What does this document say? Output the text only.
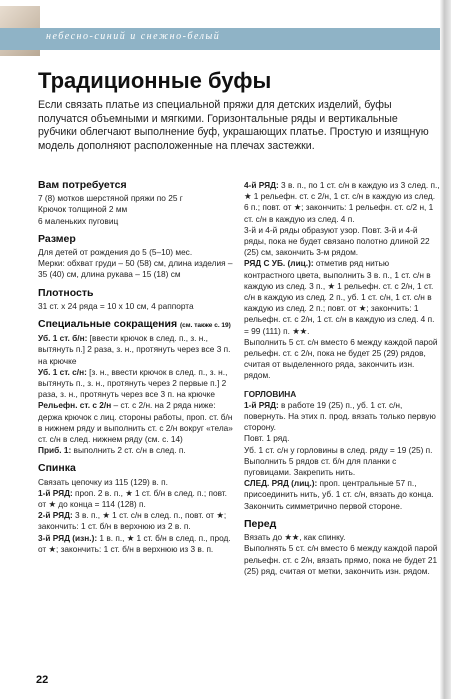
небесно-синий и снежно-белый
Традиционные буфы
Если связать платье из специальной пряжи для детских изделий, буфы получатся объемными и мягкими. Горизонтальные ряды и вертикальные рубчики облегчают выполнение буф, украшающих платье. Простую и изящную модель дополняют расположенные на плечах застежки.
Вам потребуется

7 (8) мотков шерстяной пряжи по 25 г

Крючок толщиной 2 мм

6 маленьких пуговиц

Размер

Для детей от рождения до 5 (5–10) мес.

Мерки: обхват груди – 50 (58) см, длина изделия – 35 (40) см, длина рукава – 15 (18) см

Плотность

31 ст. х 24 ряда = 10 х 10 см, 4 раппорта

Специальные сокращения (см. также с. 19)

Уб. 1 ст. б/н: [ввести крючок в след. п., з. н., вытянуть п.] 2 раза, з. н., протянуть через все 3 п. на крючке

Уб. 1 ст. с/н: [з. н., ввести крючок в след. п., з. н., вытянуть п., з. н., протянуть через 2 первые п.] 2 раза, з. н., протянуть через все 3 п. на крючке

Рельефн. ст. с 2/н – ст. с 2/н. на 2 ряда ниже: держа крючок с лиц. стороны работы, проп. ст. б/н в нижнем ряду и выполнить ст. с 2/н вокруг «тела» ст. с/н в след. нижнем ряду (см. с. 14)

Приб. 1: выполнить 2 ст. с/н в след. п.

Спинка

Связать цепочку из 115 (129) в. п.

1-й РЯД: проп. 2 в. п., ★ 1 ст. б/н в след. п.; повт. от ★ до конца = 114 (128) п.

2-й РЯД: 3 в. п., ★ 1 ст. с/н в след. п., повт. от ★; закончить: 1 ст. б/н в верхнюю из 2 в. п.

3-й РЯД (изн.): 1 в. п., ★ 1 ст. б/н в след. п., прод. от ★; закончить: 1 ст. б/н в верхнюю из 3 в. п.

4-й РЯД: 3 в. п., по 1 ст. с/н в каждую из 3 след. п., ★ 1 рельефн. ст. с 2/н, 1 ст. с/н в каждую из след. 6 п.; повт. от ★; закончить: 1 рельефн. ст. с/2 н, 1 ст. с/н в каждую из след. 4 п.

3-й и 4-й ряды образуют узор. Повт. 3-й и 4-й ряды, пока не будет связано полотно длиной 22 (25) см, закончить 3-м рядом.

РЯД С УБ. (лиц.): отметив ряд нитью контрастного цвета, выполнить 3 в. п., 1 ст. с/н в каждую из след. 3 п., ★ 1 рельефн. ст. с 2/н, 1 ст. с/н в каждую из след. 2 п., уб. 1 ст. с/н, 1 ст. с/н в каждую из след. 2 п.; повт. от ★; закончить: 1 рельефн. ст. с 2/н, 1 ст. с/н в каждую из след. 4 п. = 99 (111) п. ★★.

Выполнить 5 ст. с/н вместо 6 между каждой парой рельефн. ст. с 2/н, пока не будет 25 (29) рядов, считая от выделенного ряда, закончить изн. рядом.

ГОРЛОВИНА

1-й РЯД: в работе 19 (25) п., уб. 1 ст. с/н, повернуть. На этих п. прод. вязать только первую сторону.

Повт. 1 ряд.

Уб. 1 ст. с/н у горловины в след. ряду = 19 (25) п.

Выполнить 5 рядов ст. б/н для планки с пуговицами. Закрепить нить.

СЛЕД. РЯД (лиц.): проп. центральные 57 п., присоединить нить, уб. 1 ст. с/н, вязать до конца. Закончить симметрично первой стороне.

Перед

Вязать до ★★, как спинку.

Выполнять 5 ст. с/н вместо 6 между каждой парой рельефн. ст. с 2/н, вязать прямо, пока не будет 21 (25) ряд, считая от метки, закончить изн. рядом.

22
